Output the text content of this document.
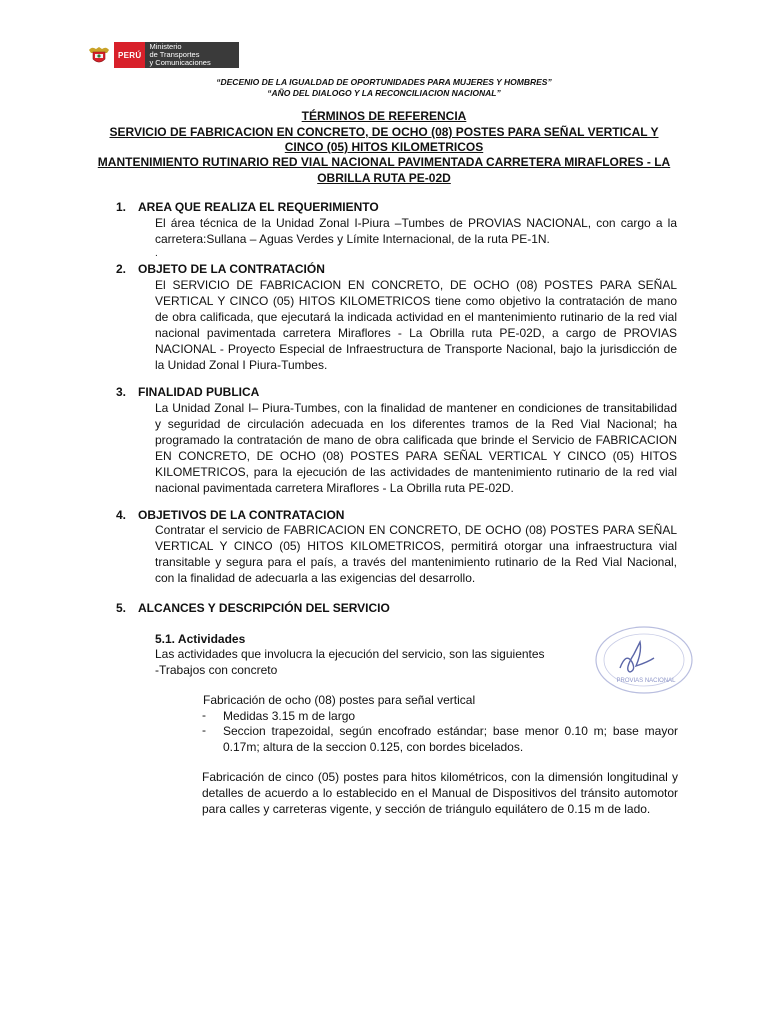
PERÚ
Ministerio
de Transportes
y Comunicaciones
“DECENIO DE LA IGUALDAD DE OPORTUNIDADES PARA MUJERES Y HOMBRES”
“AÑO DEL DIALOGO Y LA RECONCILIACION NACIONAL”
TÉRMINOS DE REFERENCIA
SERVICIO DE FABRICACION EN CONCRETO, DE OCHO (08) POSTES PARA SEÑAL VERTICAL Y
CINCO (05) HITOS KILOMETRICOS
MANTENIMIENTO RUTINARIO RED VIAL NACIONAL PAVIMENTADA CARRETERA MIRAFLORES - LA
OBRILLA RUTA PE-02D
1. AREA QUE REALIZA EL REQUERIMIENTO
El área técnica de la Unidad Zonal I-Piura –Tumbes de PROVIAS NACIONAL, con cargo a la carretera:Sullana – Aguas Verdes y Límite Internacional, de la ruta PE-1N.
.
2. OBJETO DE LA CONTRATACIÓN
El SERVICIO DE FABRICACION EN CONCRETO, DE OCHO (08) POSTES PARA SEÑAL VERTICAL Y CINCO (05) HITOS KILOMETRICOS tiene como objetivo la contratación de mano de obra calificada, que ejecutará la indicada actividad en el mantenimiento rutinario de la red vial nacional pavimentada carretera Miraflores - La Obrilla ruta PE-02D, a cargo de PROVIAS NACIONAL - Proyecto Especial de Infraestructura de Transporte Nacional, bajo la jurisdicción de la Unidad Zonal I Piura-Tumbes.
3. FINALIDAD PUBLICA
La Unidad Zonal I– Piura-Tumbes, con la finalidad de mantener en condiciones de transitabilidad y seguridad de circulación adecuada en los diferentes tramos de la Red Vial Nacional; ha programado la contratación de mano de obra calificada que brinde el Servicio de FABRICACION EN CONCRETO, DE OCHO (08) POSTES PARA SEÑAL VERTICAL Y CINCO (05) HITOS KILOMETRICOS, para la ejecución de las actividades de mantenimiento rutinario de la red vial nacional pavimentada carretera Miraflores - La Obrilla ruta PE-02D.
4. OBJETIVOS DE LA CONTRATACION
Contratar el servicio de FABRICACION EN CONCRETO, DE OCHO (08) POSTES PARA SEÑAL VERTICAL Y CINCO (05) HITOS KILOMETRICOS, permitirá otorgar una infraestructura vial transitable y segura para el país, a través del mantenimiento rutinario de la Red Vial Nacional, con la finalidad de adecuarla a las exigencias del desarrollo.
5. ALCANCES Y DESCRIPCIÓN DEL SERVICIO
5.1. Actividades
Las actividades que involucra la ejecución del servicio, son las siguientes
-Trabajos con concreto
Fabricación de ocho (08) postes para señal vertical
- Medidas 3.15 m de largo
- Seccion trapezoidal, según encofrado estándar; base menor 0.10 m; base mayor 0.17m; altura de la seccion 0.125, con bordes bicelados.
Fabricación de cinco (05) postes para hitos kilométricos, con la dimensión longitudinal y detalles de acuerdo a lo establecido en el Manual de Dispositivos del tránsito automotor para calles y carreteras vigente, y sección de triángulo equilátero de 0.15 m de lado.
PROVIAS NACIONAL
